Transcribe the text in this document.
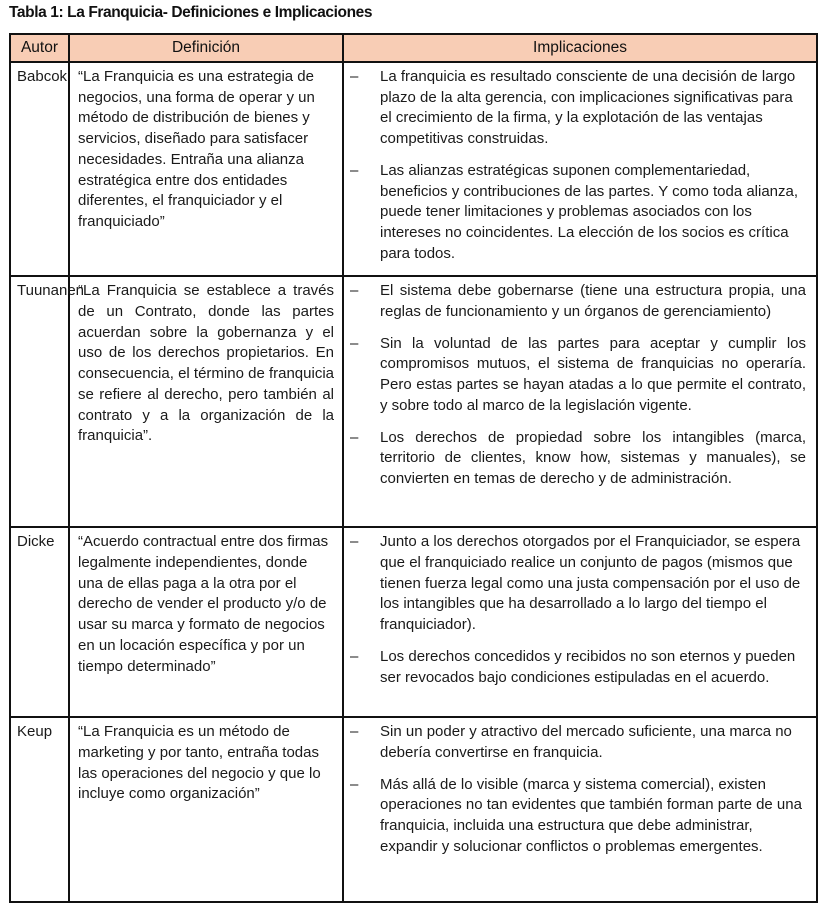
Tabla 1: La Franquicia- Definiciones e Implicaciones
Autor	Definición	Implicaciones
Babcok	“La Franquicia es una estrategia de negocios, una forma de operar y un método de distribución de bienes y servicios, diseñado para satisfacer necesidades. Entraña una alianza estratégica entre dos entidades diferentes, el franquiciador y el franquiciado”	
–	La franquicia es resultado consciente de una decisión de largo plazo de la alta gerencia, con implicaciones significativas para el crecimiento de la firma, y la explotación de las ventajas competitivas construidas.
–	Las alianzas estratégicas suponen complementariedad, beneficios y contribuciones de las partes. Y como toda alianza, puede tener limitaciones y problemas asociados con los intereses no coincidentes. La elección de los socios es crítica para todos.

Tuunanen	“La Franquicia se establece a través de un Contrato, donde las partes acuerdan sobre la gobernanza y el uso de los derechos propietarios. En consecuencia, el término de franquicia se refiere al derecho, pero también al contrato y a la organización de la franquicia”.	
–	El sistema debe gobernarse (tiene una estructura propia, una reglas de funcionamiento y un órganos de gerenciamiento)
–	Sin la voluntad de las partes para aceptar y cumplir los compromisos mutuos, el sistema de franquicias no operaría. Pero estas partes se hayan atadas a lo que permite el contrato, y sobre todo al marco de la legislación vigente.
–	Los derechos de propiedad sobre los intangibles (marca, territorio de clientes, know how, sistemas y manuales), se convierten en temas de derecho y de administración.

Dicke	“Acuerdo contractual entre dos firmas legalmente independientes, donde una de ellas paga a la otra por el derecho de vender el producto y/o de usar su marca y formato de negocios en un locación específica y por un tiempo determinado”	
–	Junto a los derechos otorgados por el Franquiciador, se espera que el franquiciado realice un conjunto de pagos (mismos que tienen fuerza legal como una justa compensación por el uso de los intangibles que ha desarrollado a lo largo del tiempo el franquiciador).
–	Los derechos concedidos y recibidos no son eternos y pueden ser revocados bajo condiciones estipuladas en el acuerdo.

Keup	“La Franquicia es un método de marketing y por tanto, entraña todas las operaciones del negocio y que lo incluye como organización”	– Sin un poder y atractivo del mercado suficiente, una marca no debería convertirse en franquicia.
– Más allá de lo visible (marca y sistema comercial), existen operaciones no tan evidentes que también forman parte de una franquicia, incluida una estructura que debe administrar, expandir y solucionar conflictos o problemas emergentes.
